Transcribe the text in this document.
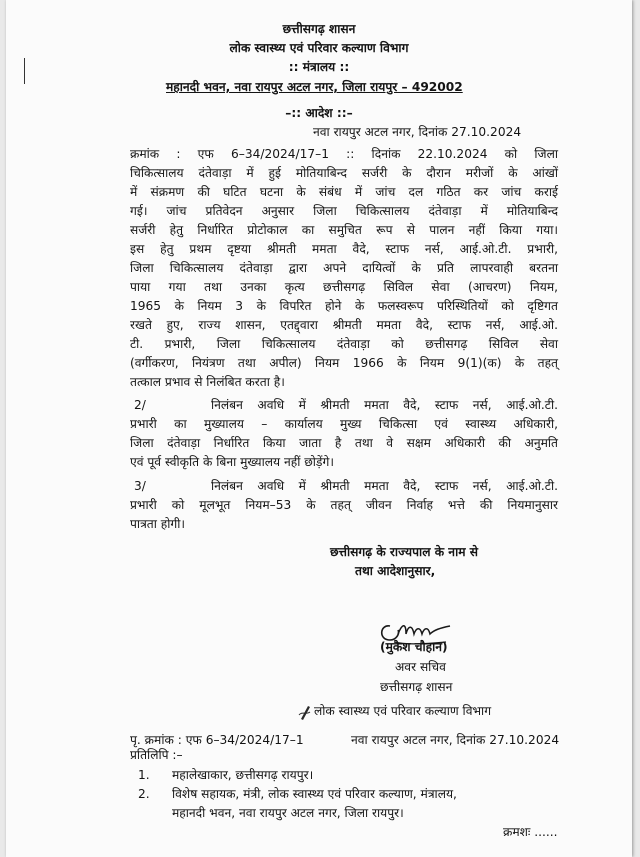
छत्तीसगढ़ शासन
लोक स्वास्थ्य एवं परिवार कल्याण विभाग
:: मंत्रालय ::
महानदी भवन, नवा रायपुर अटल नगर, जिला रायपुर – 492002
–:: आदेश ::–
नवा रायपुर अटल नगर, दिनांक 27.10.2024
क्रमांक : एफ 6–34/2024/17–1 :: दिनांक 22.10.2024 को जिला
चिकित्सालय दंतेवाड़ा में हुई मोतियाबिन्द सर्जरी के दौरान मरीजों के आंखों
में संक्रमण की घटित घटना के संबंध में जांच दल गठित कर जांच कराई
गई। जांच प्रतिवेदन अनुसार जिला चिकित्सालय दंतेवाड़ा में मोतियाबिन्द
सर्जरी हेतु निर्धारित प्रोटोकाल का समुचित रूप से पालन नहीं किया गया।
इस हेतु प्रथम दृष्टया श्रीमती ममता वैदे, स्टाफ नर्स, आई.ओ.टी. प्रभारी,
जिला चिकित्सालय दंतेवाड़ा द्वारा अपने दायित्वों के प्रति लापरवाही बरतना
पाया गया तथा उनका कृत्य छत्तीसगढ़ सिविल सेवा (आचरण) नियम,
1965 के नियम 3 के विपरित होने के फलस्वरूप परिस्थितियों को दृष्टिगत
रखते हुए, राज्य शासन, एतद्द्वारा श्रीमती ममता वैदे, स्टाफ नर्स, आई.ओ.
टी. प्रभारी, जिला चिकित्सालय दंतेवाड़ा को छत्तीसगढ़ सिविल सेवा
(वर्गीकरण, नियंत्रण तथा अपील) नियम 1966 के नियम 9(1)(क) के तहत्
तत्काल प्रभाव से निलंबित करता है।
2/	निलंबन अवधि में श्रीमती ममता वैदे, स्टाफ नर्स, आई.ओ.टी.
प्रभारी का मुख्यालय – कार्यालय मुख्य चिकित्सा एवं स्वास्थ्य अधिकारी,
जिला दंतेवाड़ा निर्धारित किया जाता है तथा वे सक्षम अधिकारी की अनुमति
एवं पूर्व स्वीकृति के बिना मुख्यालय नहीं छोड़ेंगे।
3/	निलंबन अवधि में श्रीमती ममता वैदे, स्टाफ नर्स, आई.ओ.टी.
प्रभारी को मूलभूत नियम–53 के तहत् जीवन निर्वाह भत्ते की नियमानुसार
पात्रता होगी।
छत्तीसगढ़ के राज्यपाल के नाम से
तथा आदेशानुसार,
(मुकेश चौहान)
अवर सचिव
छत्तीसगढ़ शासन
लोक स्वास्थ्य एवं परिवार कल्याण विभाग
पृ. क्रमांक : एफ 6–34/2024/17–1	नवा रायपुर अटल नगर, दिनांक 27.10.2024
प्रतिलिपि :–
1. महालेखाकार, छत्तीसगढ़ रायपुर।
2. विशेष सहायक, मंत्री, लोक स्वास्थ्य एवं परिवार कल्याण, मंत्रालय,
महानदी भवन, नवा रायपुर अटल नगर, जिला रायपुर।
क्रमशः ......
